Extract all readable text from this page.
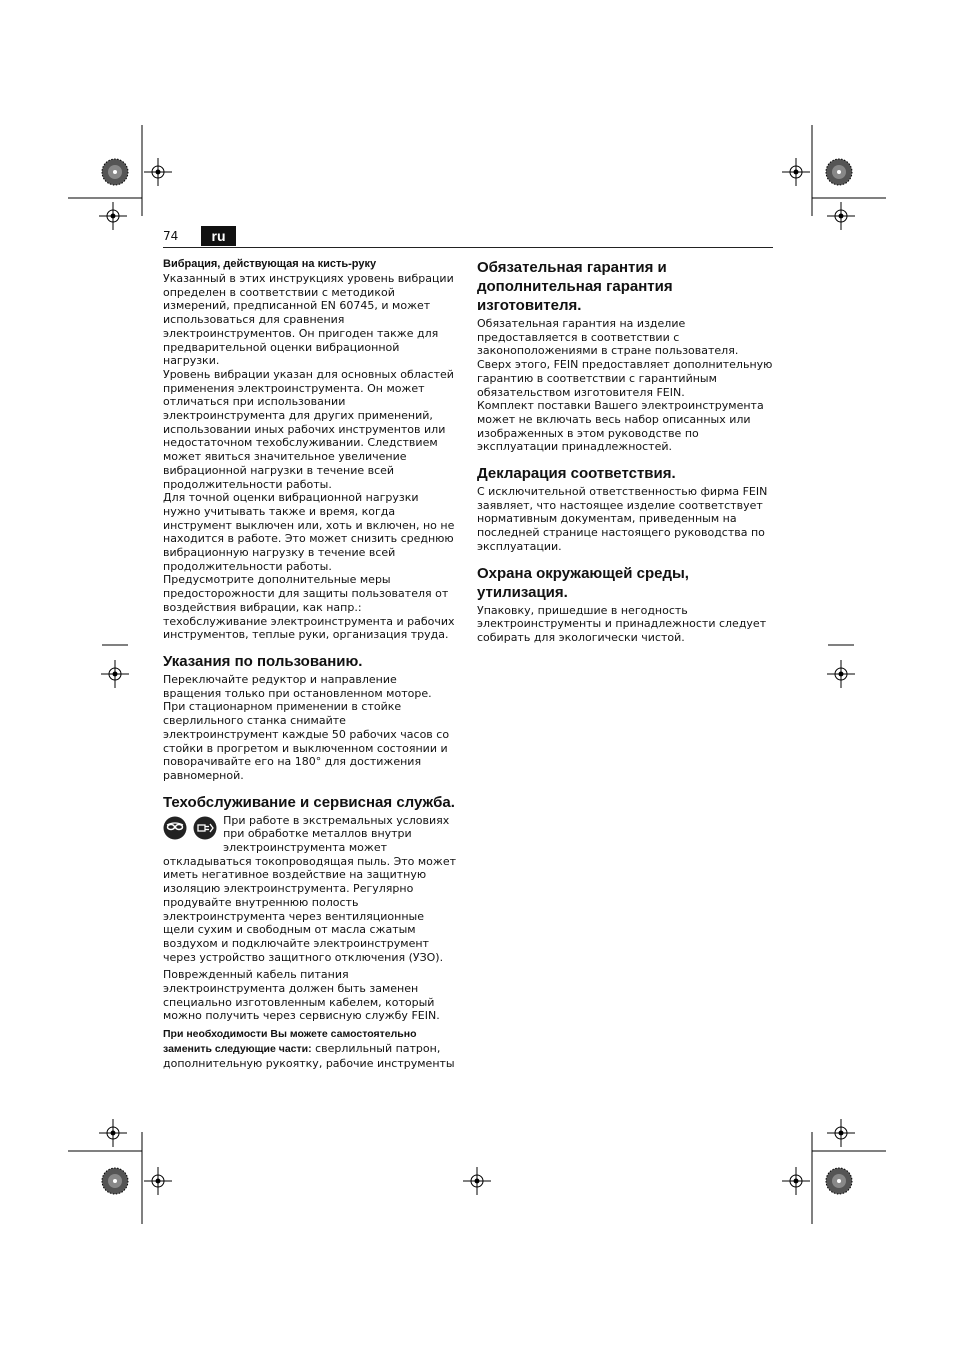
74	ru
Вибрация, действующая на кисть-руку

Указанный в этих инструкциях уровень вибрации определен в соответствии с методикой измерений, предписанной EN 60745, и может использоваться для сравнения электроинструментов. Он пригоден также для предварительной оценки вибрационной нагрузки.

Уровень вибрации указан для основных областей применения электроинструмента. Он может отличаться при использовании электроинструмента для других применений, использовании иных рабочих инструментов или недостаточном техобслуживании. Следствием может явиться значительное увеличение вибрационной нагрузки в течение всей продолжительности работы.

Для точной оценки вибрационной нагрузки нужно учитывать также и время, когда инструмент выключен или, хоть и включен, но не находится в работе. Это может снизить среднюю вибрационную нагрузку в течение всей продолжительности работы.

Предусмотрите дополнительные меры предосторожности для защиты пользователя от воздействия вибрации, как напр.: техобслуживание электроинструмента и рабочих инструментов, теплые руки, организация труда.

Указания по пользованию.

Переключайте редуктор и направление вращения только при остановленном моторе.

При стационарном применении в стойке сверлильного станка снимайте электроинструмент каждые 50 рабочих часов со стойки в прогретом и выключенном состоянии и поворачивайте его на 180° для достижения равномерной.

Техобслуживание и сервисная служба.

При работе в экстремальных условиях при обработке металлов внутри электроинструмента может откладываться токопроводящая пыль. Это может иметь негативное воздействие на защитную изоляцию электроинструмента. Регулярно продувайте внутреннюю полость электроинструмента через вентиляционные щели сухим и свободным от масла сжатым воздухом и подключайте электроинструмент через устройство защитного отключения (УЗО).

Поврежденный кабель питания электроинструмента должен быть заменен специально изготовленным кабелем, который можно получить через сервисную службу FEIN.

При необходимости Вы можете самостоятельно заменить следующие части: сверлильный патрон, дополнительную рукоятку, рабочие инструменты

Обязательная гарантия и дополнительная гарантия изготовителя.

Обязательная гарантия на изделие предоставляется в соответствии с законоположениями в стране пользователя. Сверх этого, FEIN предоставляет дополнительную гарантию в соответствии с гарантийным обязательством изготовителя FEIN.

Комплект поставки Вашего электроинструмента может не включать весь набор описанных или изображенных в этом руководстве по эксплуатации принадлежностей.

Декларация соответствия.

С исключительной ответственностью фирма FEIN заявляет, что настоящее изделие соответствует нормативным документам, приведенным на последней странице настоящего руководства по эксплуатации.

Охрана окружающей среды, утилизация.

Упаковку, пришедшие в негодность электроинструменты и принадлежности следует собирать для экологически чистой.
